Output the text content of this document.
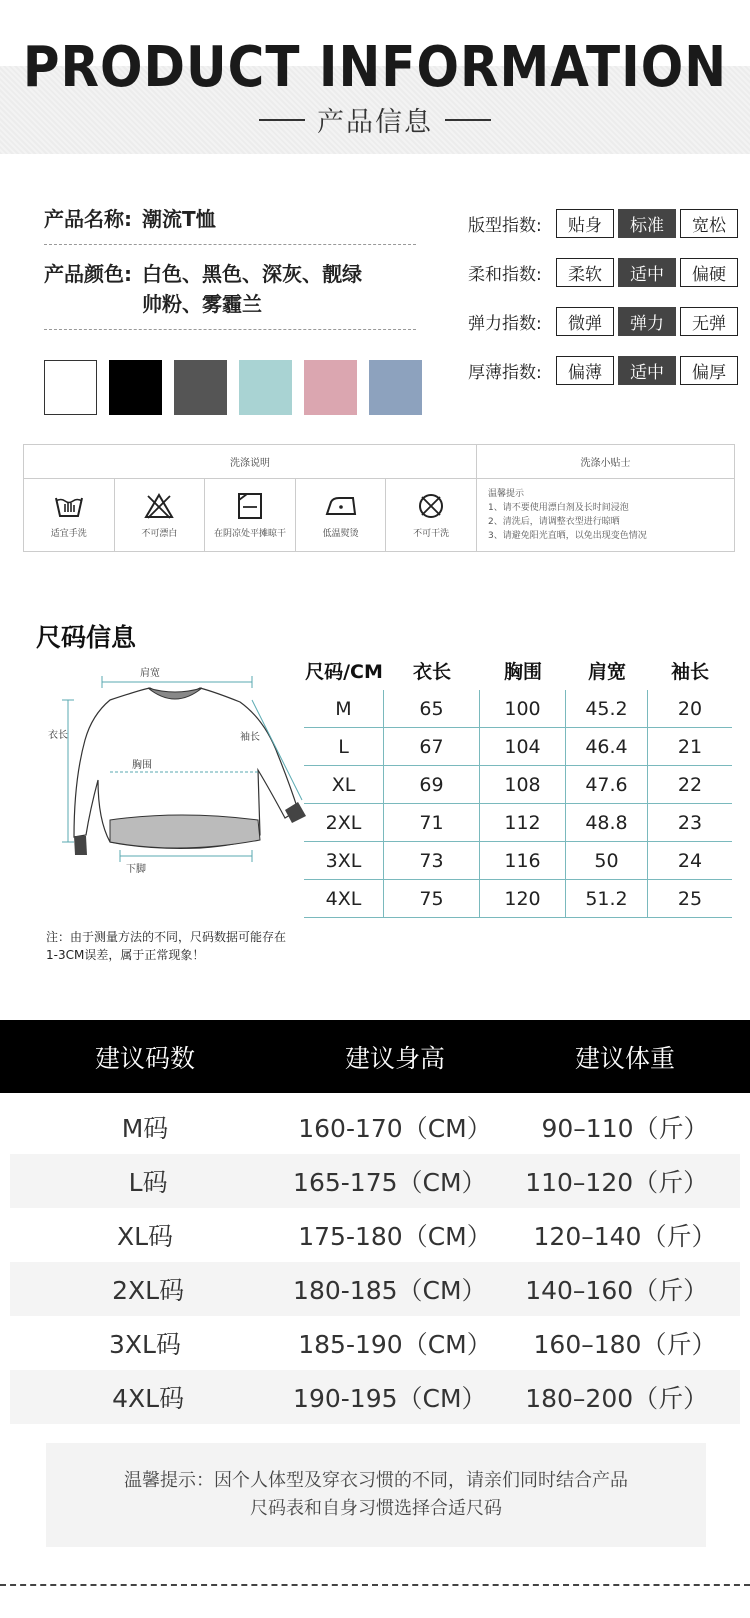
PRODUCT INFORMATION
产品信息
产品名称: 潮流T恤
产品颜色: 白色、黑色、深灰、靓绿
帅粉、雾霾兰
版型指数:	贴身	标准	宽松
柔和指数:	柔软	适中	偏硬
弹力指数:	微弹	弹力	无弹
厚薄指数:	偏薄	适中	偏厚
洗涤说明	洗涤小贴士
适宜手洗	不可漂白	在阴凉处平摊晾干	低温熨烫	不可干洗
温馨提示
1、请不要使用漂白剂及长时间浸泡
2、清洗后，请调整衣型进行晾晒
3、请避免阳光直晒，以免出现变色情况
尺码信息
肩宽
衣长	袖长
胸围
下脚
尺码/CM	衣长	胸围	肩宽	袖长
M	65	100	45.2	20
L	67	104	46.4	21
XL	69	108	47.6	22
2XL	71	112	48.8	23
3XL	73	116	50	24
4XL	75	120	51.2	25
注：由于测量方法的不同，尺码数据可能存在
1-3CM误差，属于正常现象！
建议码数	建议身高	建议体重
M码	160-170（CM）	90–110（斤）
L码	165-175（CM）	110–120（斤）
XL码	175-180（CM）	120–140（斤）
2XL码	180-185（CM）	140–160（斤）
3XL码	185-190（CM）	160–180（斤）
4XL码	190-195（CM）	180–200（斤）
温馨提示：因个人体型及穿衣习惯的不同，请亲们同时结合产品
尺码表和自身习惯选择合适尺码
